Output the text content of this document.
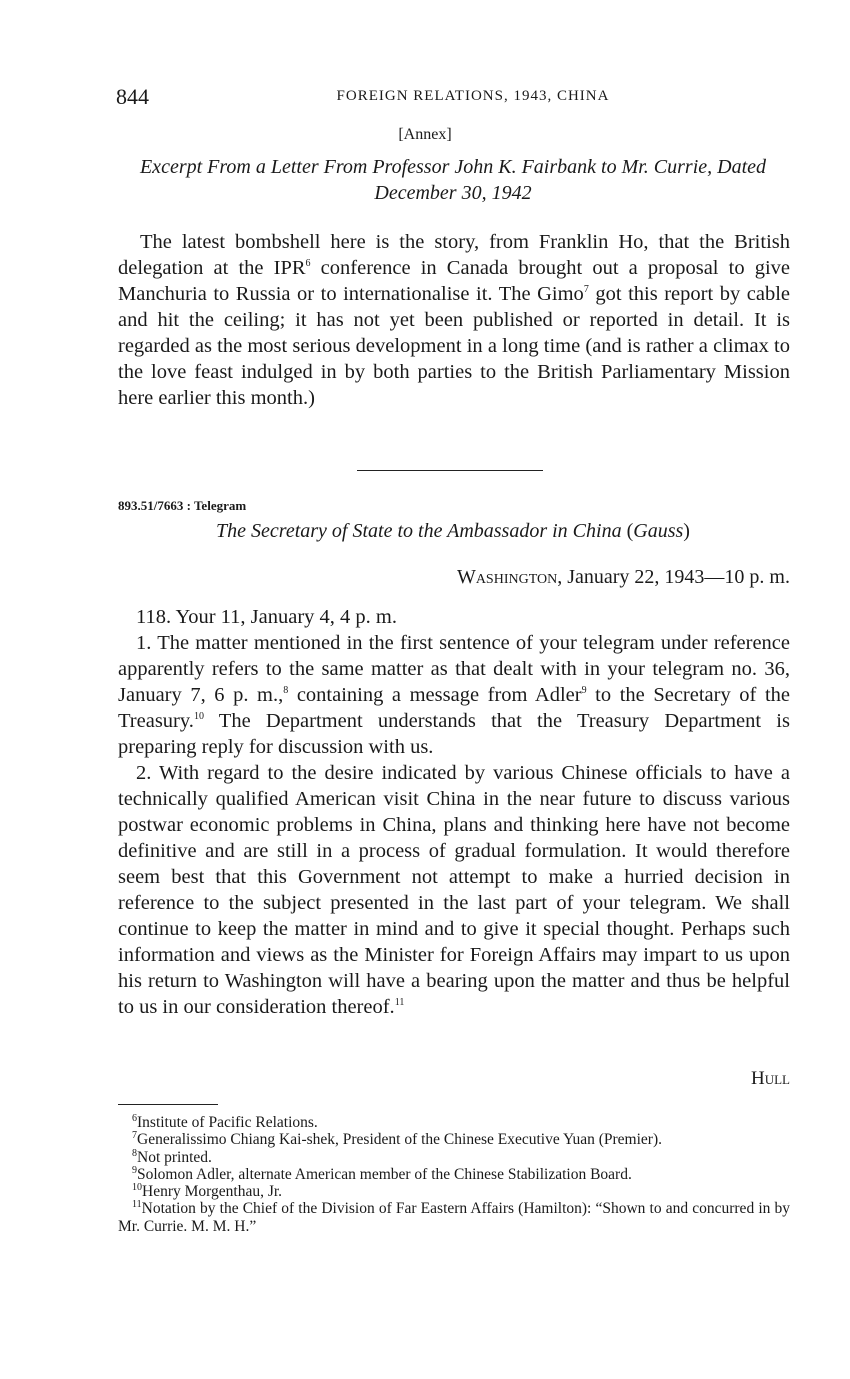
844	FOREIGN RELATIONS, 1943, CHINA
[Annex]
Excerpt From a Letter From Professor John K. Fairbank to Mr. Currie, Dated December 30, 1942

The latest bombshell here is the story, from Franklin Ho, that the British delegation at the IPR$^6$ conference in Canada brought out a proposal to give Manchuria to Russia or to internationalise it. The Gimo$^7$ got this report by cable and hit the ceiling; it has not yet been published or reported in detail. It is regarded as the most serious development in a long time (and is rather a climax to the love feast indulged in by both parties to the British Parliamentary Mission here earlier this month.)

893.51/7663 : Telegram
The Secretary of State to the Ambassador in China (Gauss)
Washington, January 22, 1943—10 p. m.

118. Your 11, January 4, 4 p. m.

1. The matter mentioned in the first sentence of your telegram under reference apparently refers to the same matter as that dealt with in your telegram no. 36, January 7, 6 p. m.,$^8$ containing a message from Adler$^9$ to the Secretary of the Treasury.$^{10}$ The Department understands that the Treasury Department is preparing reply for discussion with us.

2. With regard to the desire indicated by various Chinese officials to have a technically qualified American visit China in the near future to discuss various postwar economic problems in China, plans and thinking here have not become definitive and are still in a process of gradual formulation. It would therefore seem best that this Government not attempt to make a hurried decision in reference to the subject presented in the last part of your telegram. We shall continue to keep the matter in mind and to give it special thought. Perhaps such information and views as the Minister for Foreign Affairs may impart to us upon his return to Washington will have a bearing upon the matter and thus be helpful to us in our consideration thereof.$^{11}$

Hull

$^6$Institute of Pacific Relations.

$^7$Generalissimo Chiang Kai-shek, President of the Chinese Executive Yuan (Premier).

$^8$Not printed.

$^9$Solomon Adler, alternate American member of the Chinese Stabilization Board.

$^{10}$Henry Morgenthau, Jr.

$^{11}$Notation by the Chief of the Division of Far Eastern Affairs (Hamilton): “Shown to and concurred in by Mr. Currie. M. M. H.”
